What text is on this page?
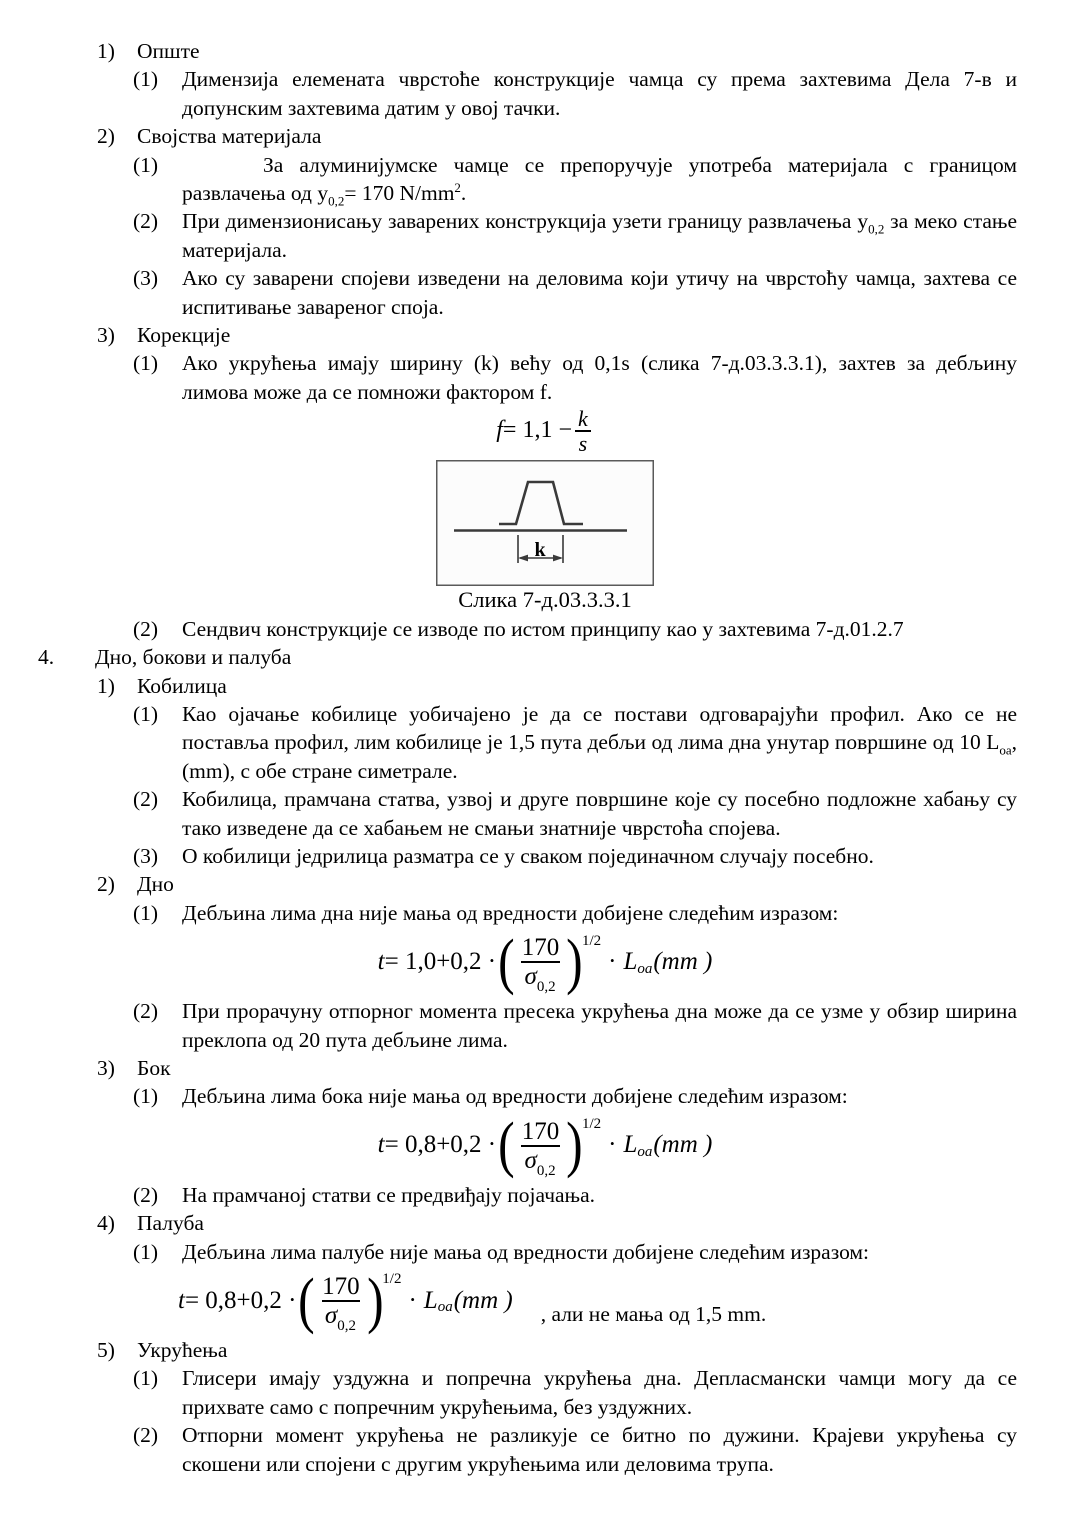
1)	Опште
(1)	Димензија елемената чврстоће конструкције чамца су према захтевима Дела 7-в и допунским захтевима датим у овој тачки.
2)	Својства материјала
(1)	За алуминијумске чамце се препоручује употреба материјала с границом развлачења од $у_{0,2}= 170$ $N/mm^2$.
(2)	При димензионисању заварених конструкција узети границу развлачења $у_{0,2}$ за меко стање материјала.
(3)	Ако су заварени спојеви изведени на деловима који утичу на чврстоћу чамца, захтева се испитивање завареног споја.
3)	Корекције
(1)	Ако укрућења имају ширину (k) већу од 0,1s (слика 7-д.03.3.3.1), захтев за дебљину лимова може да се помножи фактором f.
$f = 1,1 - \frac{k}{s}$
k
Слика 7-д.03.3.3.1
(2)	Сендвич конструкције се изводе по истом принципу као у захтевима 7-д.01.2.7
4.	Дно, бокови и палуба
1)	Кобилица
(1)	Као ојачање кобилице уобичајено је да се постави одговарајући профил. Ако се не поставља профил, лим кобилице је 1,5 пута дебљи од лима дна унутар површине од 10 $L_{oa}$, (mm), с обе стране симетрале.
(2)	Кобилица, прамчана статва, узвој и друге површине које су посебно подложне хабању су тако изведене да се хабањем не смањи знатније чврстоћа спојева.
(3)	О кобилици једрилица разматра се у сваком појединачном случају посебно.
2)	Дно
(1)	Дебљина лима дна није мања од вредности добијене следећим изразом:
t = 1,0+0,2 · ( $\frac{170}{\sigma_{0,2}} )^{1/2}$
· L oa (mm )
(2)	При прорачуну отпорног момента пресека укрућења дна може да се узме у обзир ширина преклопа од 20 пута дебљине лима.
3)	Бок
(1)	Дебљина лима бока није мања од вредности добијене следећим изразом:
t = 0,8+0,2 · ( $\frac{170}{\sigma_{0,2}} )^{1/2}$
· L oa (mm )
(2)	На прамчаној статви се предвиђају појачања.
4)	Палуба
(1)	Дебљина лима палубе није мања од вредности добијене следећим изразом:
t = 0,8+0,2 · ( $\frac{170}{\sigma_{0,2}} )^{1/2}$
· L oa (mm )
, али не мања од 1,5 mm.
5)	Укрућења
(1)	Глисери имају уздужна и попречна укрућења дна. Депласмански чамци могу да се прихвате само с попречним укрућењима, без уздужних.
(2)	Отпорни момент укрућења не разликује се битно по дужини. Крајеви укрућења су скошени или спојени с другим укрућењима или деловима трупа.
